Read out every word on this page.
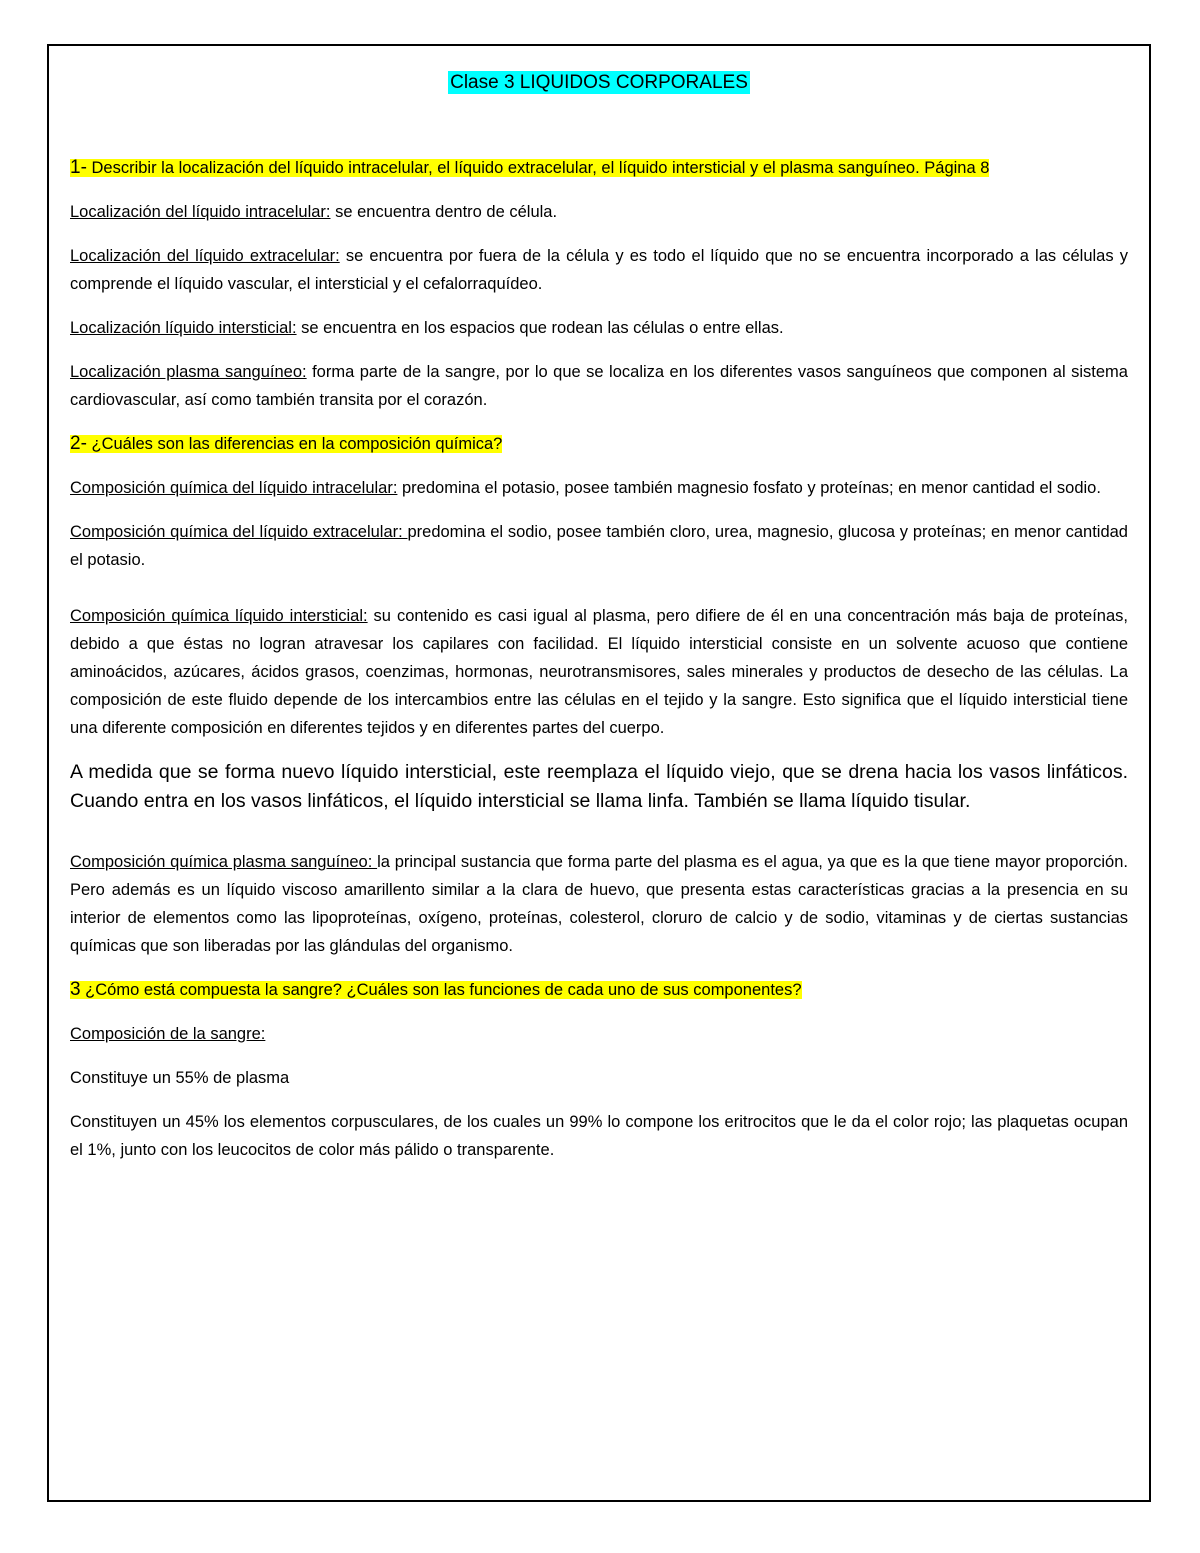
Clase 3 LIQUIDOS CORPORALES

1- Describir la localización del líquido intracelular, el líquido extracelular, el líquido intersticial y el plasma sanguíneo. Página 8

Localización del líquido intracelular: se encuentra dentro de célula.

Localización del líquido extracelular: se encuentra por fuera de la célula y es todo el líquido que no se encuentra incorporado a las células y comprende el líquido vascular, el intersticial y el cefalorraquídeo.

Localización líquido intersticial: se encuentra en los espacios que rodean las células o entre ellas.

Localización plasma sanguíneo: forma parte de la sangre, por lo que se localiza en los diferentes vasos sanguíneos que componen al sistema cardiovascular, así como también transita por el corazón.

2- ¿Cuáles son las diferencias en la composición química?

Composición química del líquido intracelular: predomina el potasio, posee también magnesio fosfato y proteínas; en menor cantidad el sodio.

Composición química del líquido extracelular: predomina el sodio, posee también cloro, urea, magnesio, glucosa y proteínas; en menor cantidad el potasio.

Composición química líquido intersticial: su contenido es casi igual al plasma, pero difiere de él en una concentración más baja de proteínas, debido a que éstas no logran atravesar los capilares con facilidad. El líquido intersticial consiste en un solvente acuoso que contiene aminoácidos, azúcares, ácidos grasos, coenzimas, hormonas, neurotransmisores, sales minerales y productos de desecho de las células. La composición de este fluido depende de los intercambios entre las células en el tejido y la sangre. Esto significa que el líquido intersticial tiene una diferente composición en diferentes tejidos y en diferentes partes del cuerpo.

A medida que se forma nuevo líquido intersticial, este reemplaza el líquido viejo, que se drena hacia los vasos linfáticos. Cuando entra en los vasos linfáticos, el líquido intersticial se llama linfa. También se llama líquido tisular.

Composición química plasma sanguíneo: la principal sustancia que forma parte del plasma es el agua, ya que es la que tiene mayor proporción. Pero además es un líquido viscoso amarillento similar a la clara de huevo, que presenta estas características gracias a la presencia en su interior de elementos como las lipoproteínas, oxígeno, proteínas, colesterol, cloruro de calcio y de sodio, vitaminas y de ciertas sustancias químicas que son liberadas por las glándulas del organismo.

3 ¿Cómo está compuesta la sangre? ¿Cuáles son las funciones de cada uno de sus componentes?

Composición de la sangre:

Constituye un 55% de plasma

Constituyen un 45% los elementos corpusculares, de los cuales un 99% lo compone los eritrocitos que le da el color rojo; las plaquetas ocupan el 1%, junto con los leucocitos de color más pálido o transparente.
